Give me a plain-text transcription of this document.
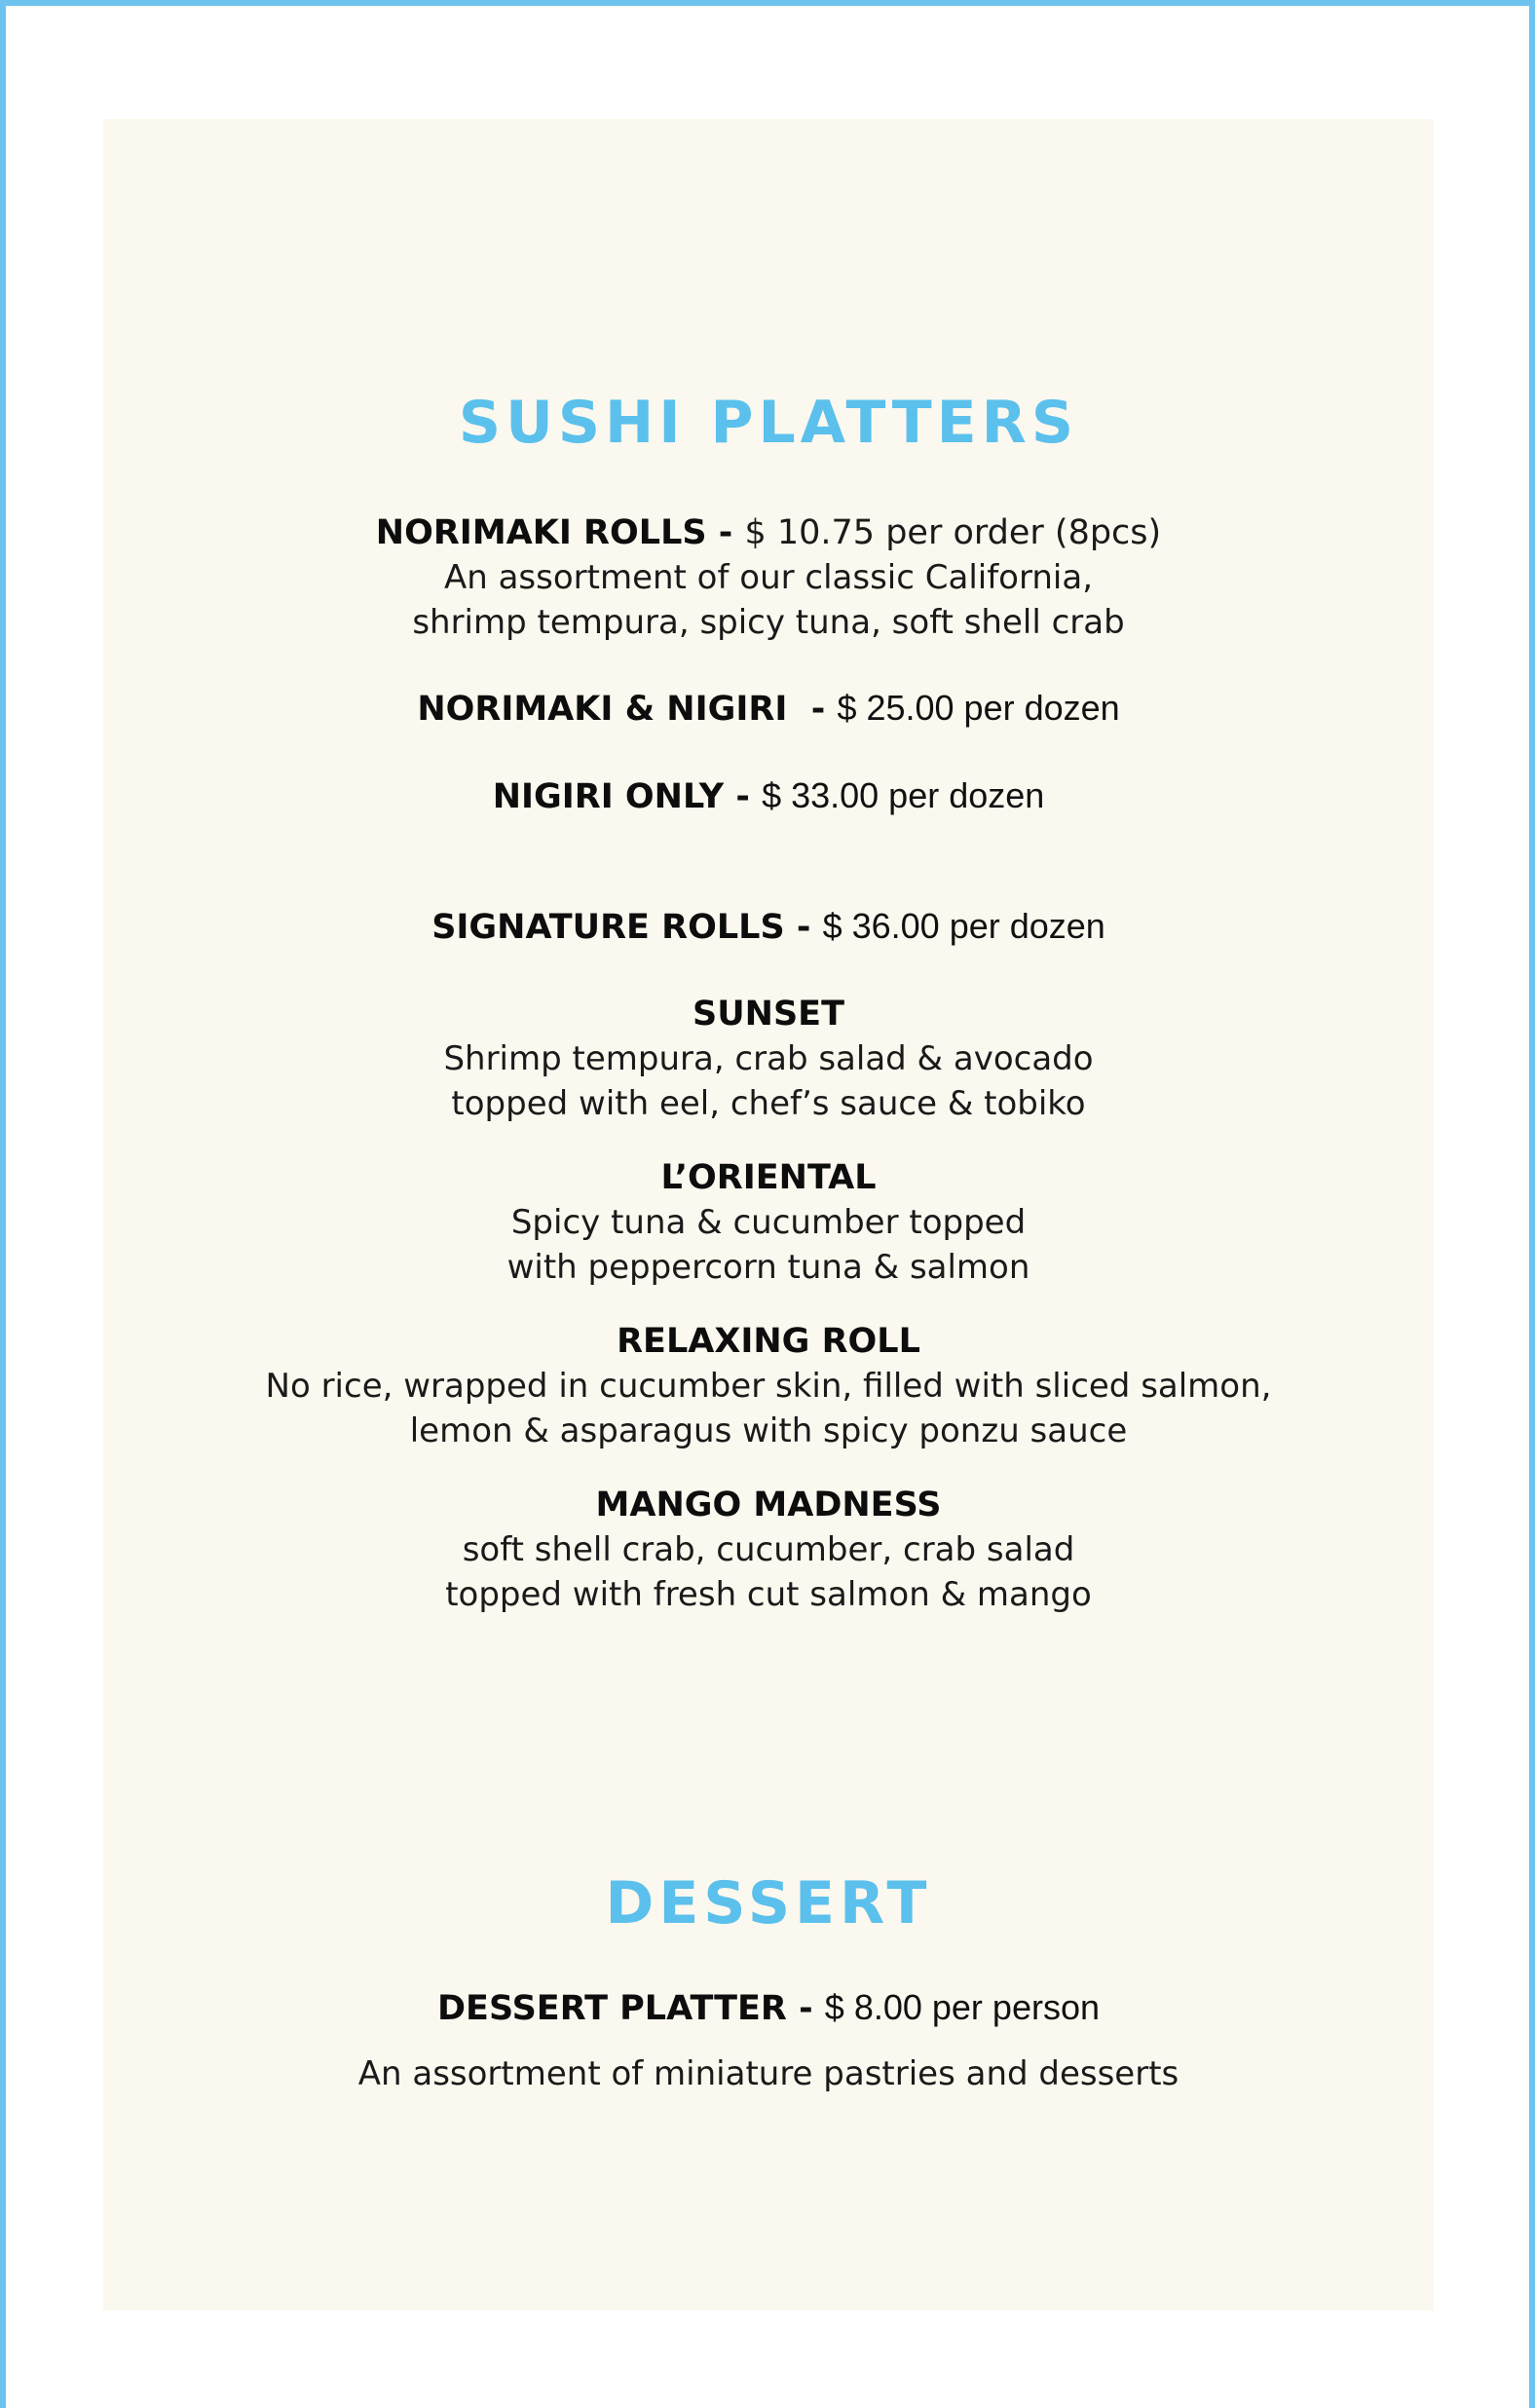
SUSHI PLATTERS
NORIMAKI ROLLS - $ 10.75 per order (8pcs)
An assortment of our classic California,
shrimp tempura, spicy tuna, soft shell crab
NORIMAKI & NIGIRI  - $ 25.00 per dozen
NIGIRI ONLY - $ 33.00 per dozen
SIGNATURE ROLLS - $ 36.00 per dozen
SUNSET
Shrimp tempura, crab salad & avocado
topped with eel, chef’s sauce & tobiko
L’ORIENTAL
Spicy tuna & cucumber topped
with peppercorn tuna & salmon
RELAXING ROLL
No rice, wrapped in cucumber skin, filled with sliced salmon,
lemon & asparagus with spicy ponzu sauce
MANGO MADNESS
soft shell crab, cucumber, crab salad
topped with fresh cut salmon & mango
DESSERT
DESSERT PLATTER - $ 8.00 per person
An assortment of miniature pastries and desserts
